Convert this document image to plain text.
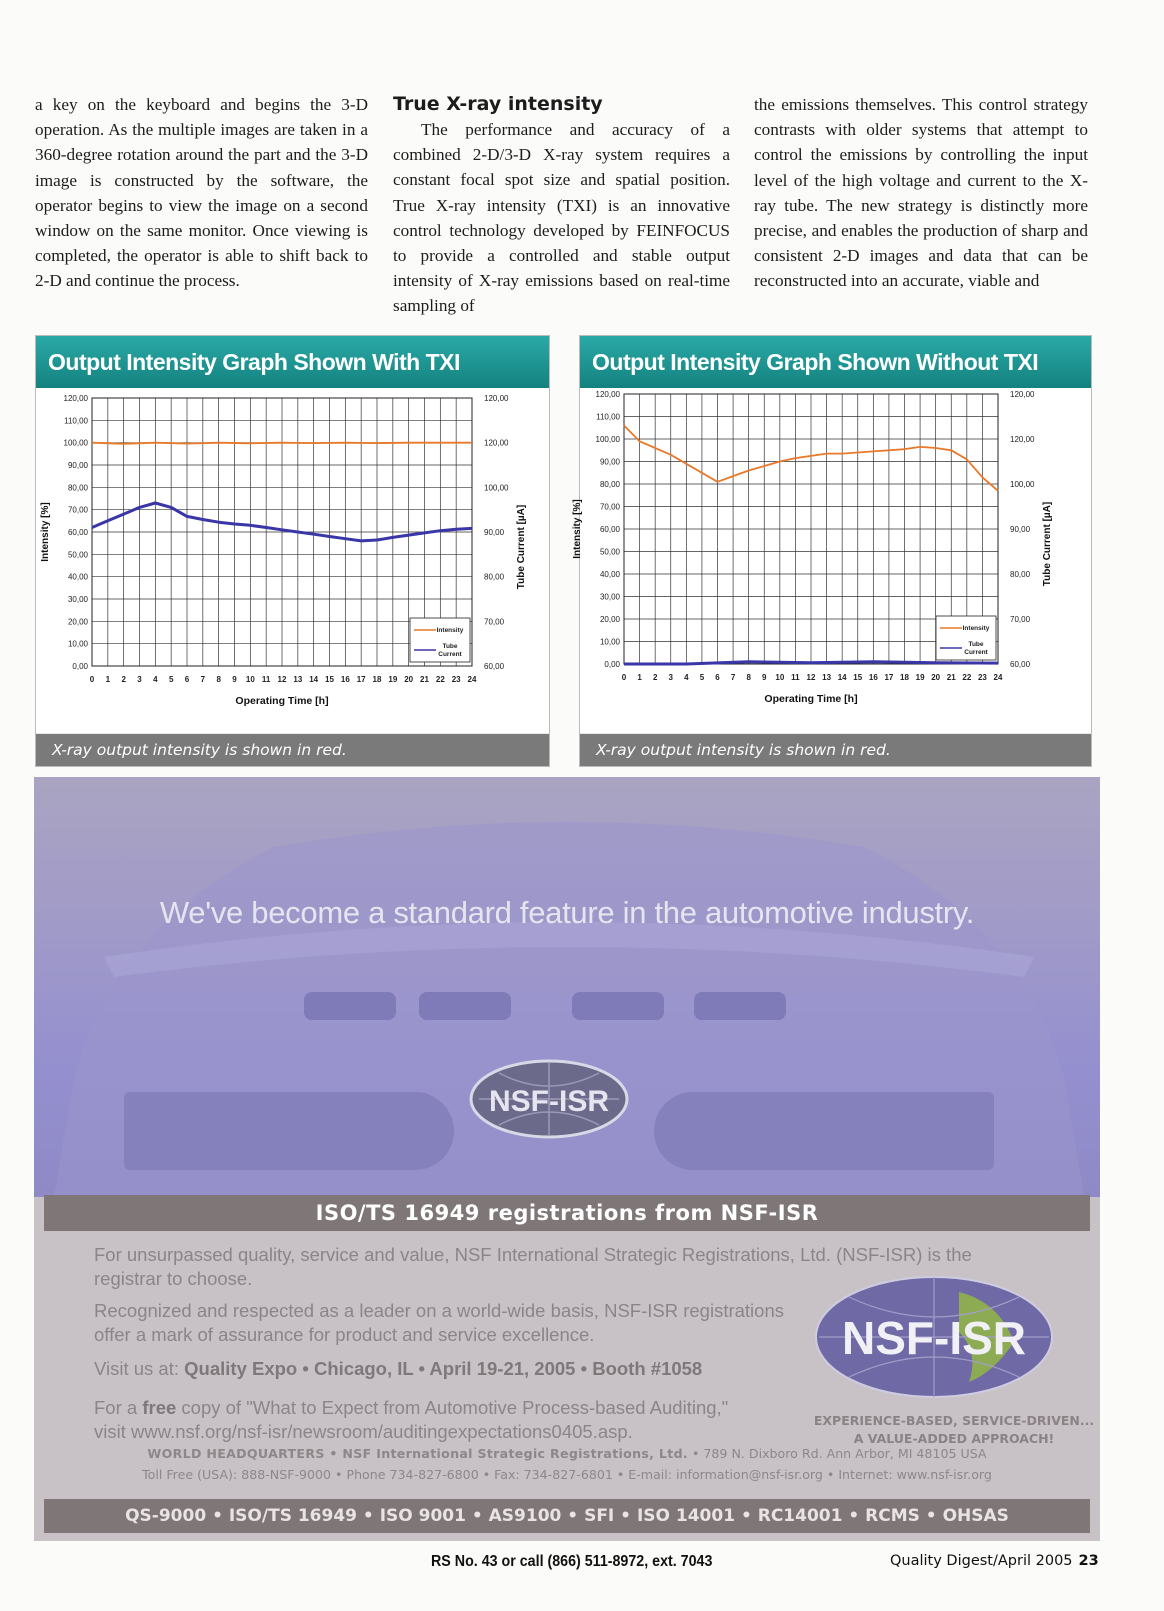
a key on the keyboard and begins the 3-D operation. As the multiple images are taken in a 360-degree rotation around the part and the 3-D image is constructed by the software, the operator begins to view the image on a second window on the same monitor. Once viewing is completed, the operator is able to shift back to 2-D and continue the process.

True X-ray intensity

The performance and accuracy of a combined 2-D/3-D X-ray system requires a constant focal spot size and spatial position. True X-ray intensity (TXI) is an innovative control technology developed by FEINFOCUS to provide a controlled and stable output intensity of X-ray emissions based on real-time sampling of

the emissions themselves. This control strategy contrasts with older systems that attempt to control the emissions by controlling the input level of the high voltage and current to the X-ray tube. The new strategy is distinctly more precise, and enables the production of sharp and consistent 2-D images and data that can be reconstructed into an accurate, viable and

Output Intensity Graph Shown With TXI
0 1 2 3 4 5 6 7 8 9 10 11 12 13 14 15 16 17 18 19 20 21 22 23 24
0,00
10,00
20,00
30,00
40,00
50,00
60,00
70,00
80,00
90,00
100,00
110,00
120,00
60,00
70,00
80,00
90,00
100,00
120,00
120,00
Operating Time [h]
Intensity [%]	Tube Current [µA]
Intensity
Tube
Current
X-ray output intensity is shown in red.
Output Intensity Graph Shown Without TXI
0 1 2 3 4 5 6 7 8 9 10 11 12 13 14 15 16 17 18 19 20 21 22 23 24
0,00
10,00
20,00
30,00
40,00
50,00
60,00
70,00
80,00
90,00
100,00
110,00
120,00
60,00
70,00
80,00
90,00
100,00
120,00
120,00
Operating Time [h]
Intensity [%]	Tube Current [µA]
Intensity
Tube
Current
X-ray output intensity is shown in red.
We've become a standard feature in the automotive industry.
NSF-ISR
ISO/TS 16949 registrations from NSF-ISR
For unsurpassed quality, service and value, NSF International Strategic Registrations, Ltd. (NSF-ISR) is the registrar to choose.
Recognized and respected as a leader on a world-wide basis, NSF-ISR registrations offer a mark of assurance for product and service excellence.
Visit us at: Quality Expo • Chicago, IL • April 19-21, 2005 • Booth #1058
For a free copy of "What to Expect from Automotive Process-based Auditing,"
visit www.nsf.org/nsf-isr/newsroom/auditingexpectations0405.asp.
NSF-ISR
EXPERIENCE-BASED, SERVICE-DRIVEN...
A VALUE-ADDED APPROACH!
WORLD HEADQUARTERS • NSF International Strategic Registrations, Ltd. • 789 N. Dixboro Rd. Ann Arbor, MI 48105 USA
Toll Free (USA): 888-NSF-9000 • Phone 734-827-6800 • Fax: 734-827-6801 • E-mail: information@nsf-isr.org • Internet: www.nsf-isr.org
QS-9000 • ISO/TS 16949 • ISO 9001 • AS9100 • SFI • ISO 14001 • RC14001 • RCMS • OHSAS
RS No. 43 or call (866) 511-8972, ext. 7043	Quality Digest/April 2005 23
